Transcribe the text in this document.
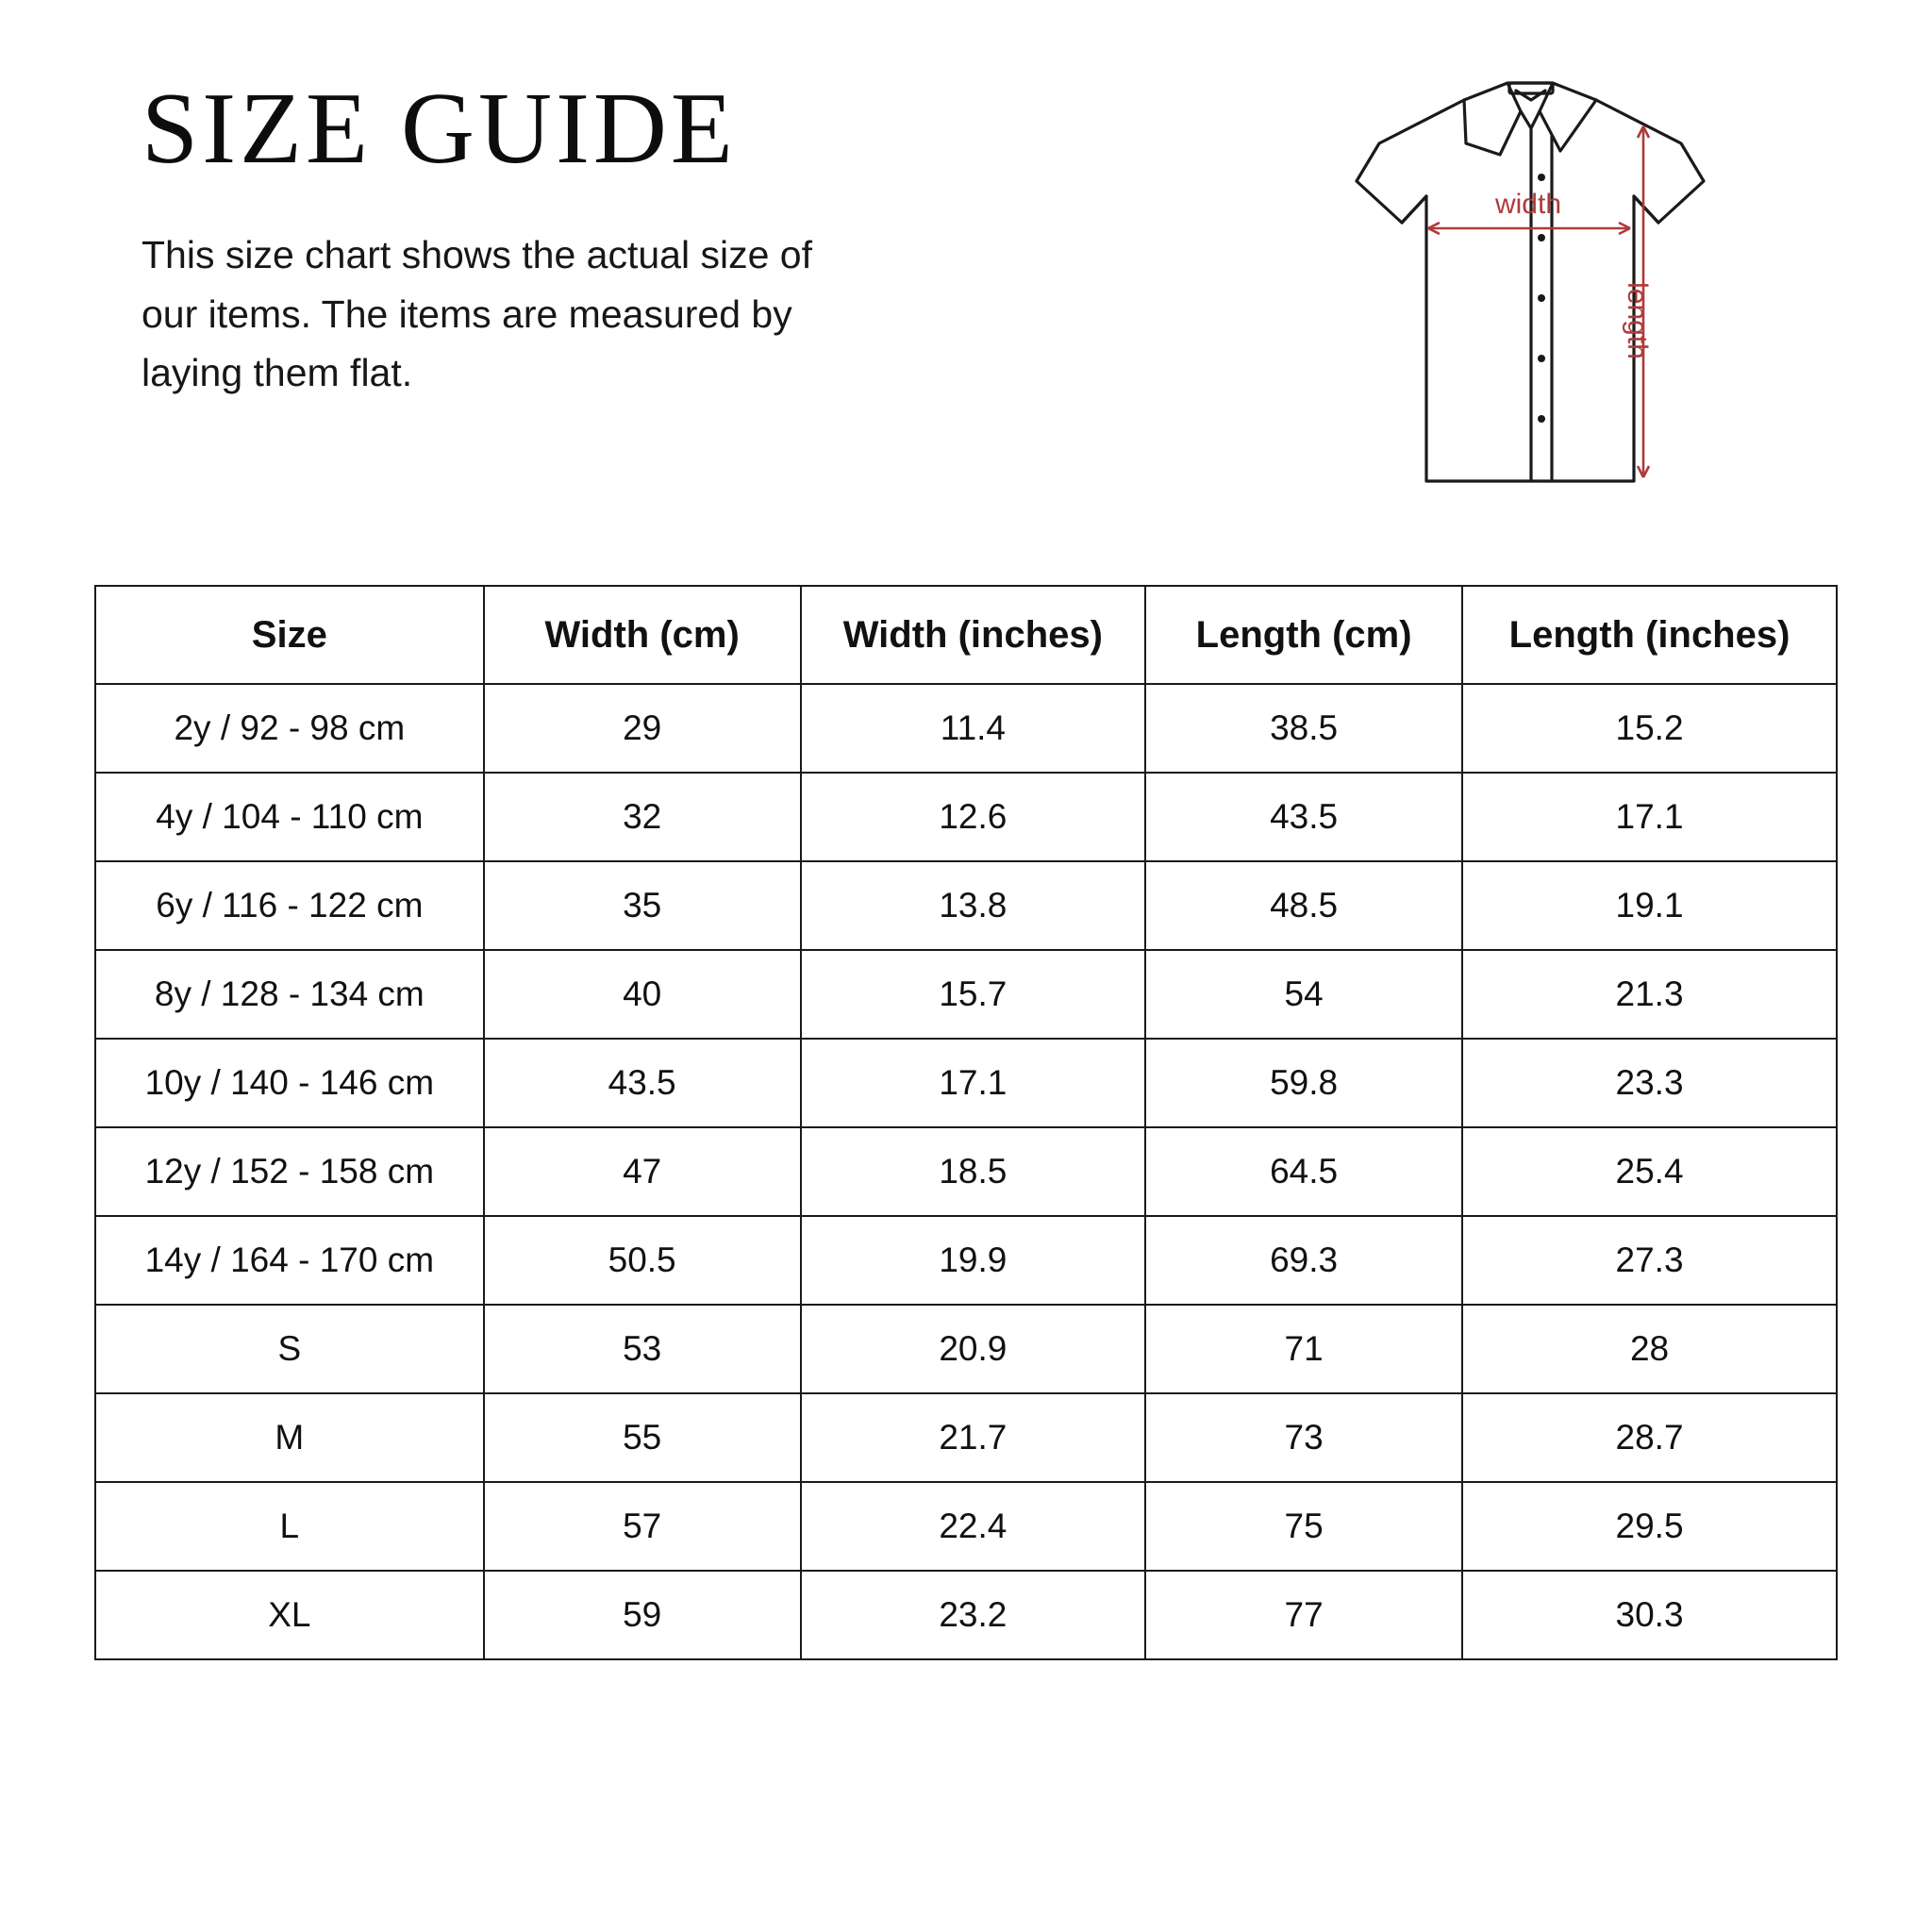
SIZE GUIDE

This size chart shows the actual size of our items. The items are measured by laying them flat.

width
length
Size	Width (cm)	Width (inches)	Length (cm)	Length (inches)
2y / 92 - 98 cm	29	11.4	38.5	15.2
4y / 104 - 110 cm	32	12.6	43.5	17.1
6y / 116 - 122 cm	35	13.8	48.5	19.1
8y / 128 - 134 cm	40	15.7	54	21.3
10y / 140 - 146 cm	43.5	17.1	59.8	23.3
12y / 152 - 158 cm	47	18.5	64.5	25.4
14y / 164 - 170 cm	50.5	19.9	69.3	27.3
S	53	20.9	71	28
M	55	21.7	73	28.7
L	57	22.4	75	29.5
XL	59	23.2	77	30.3
